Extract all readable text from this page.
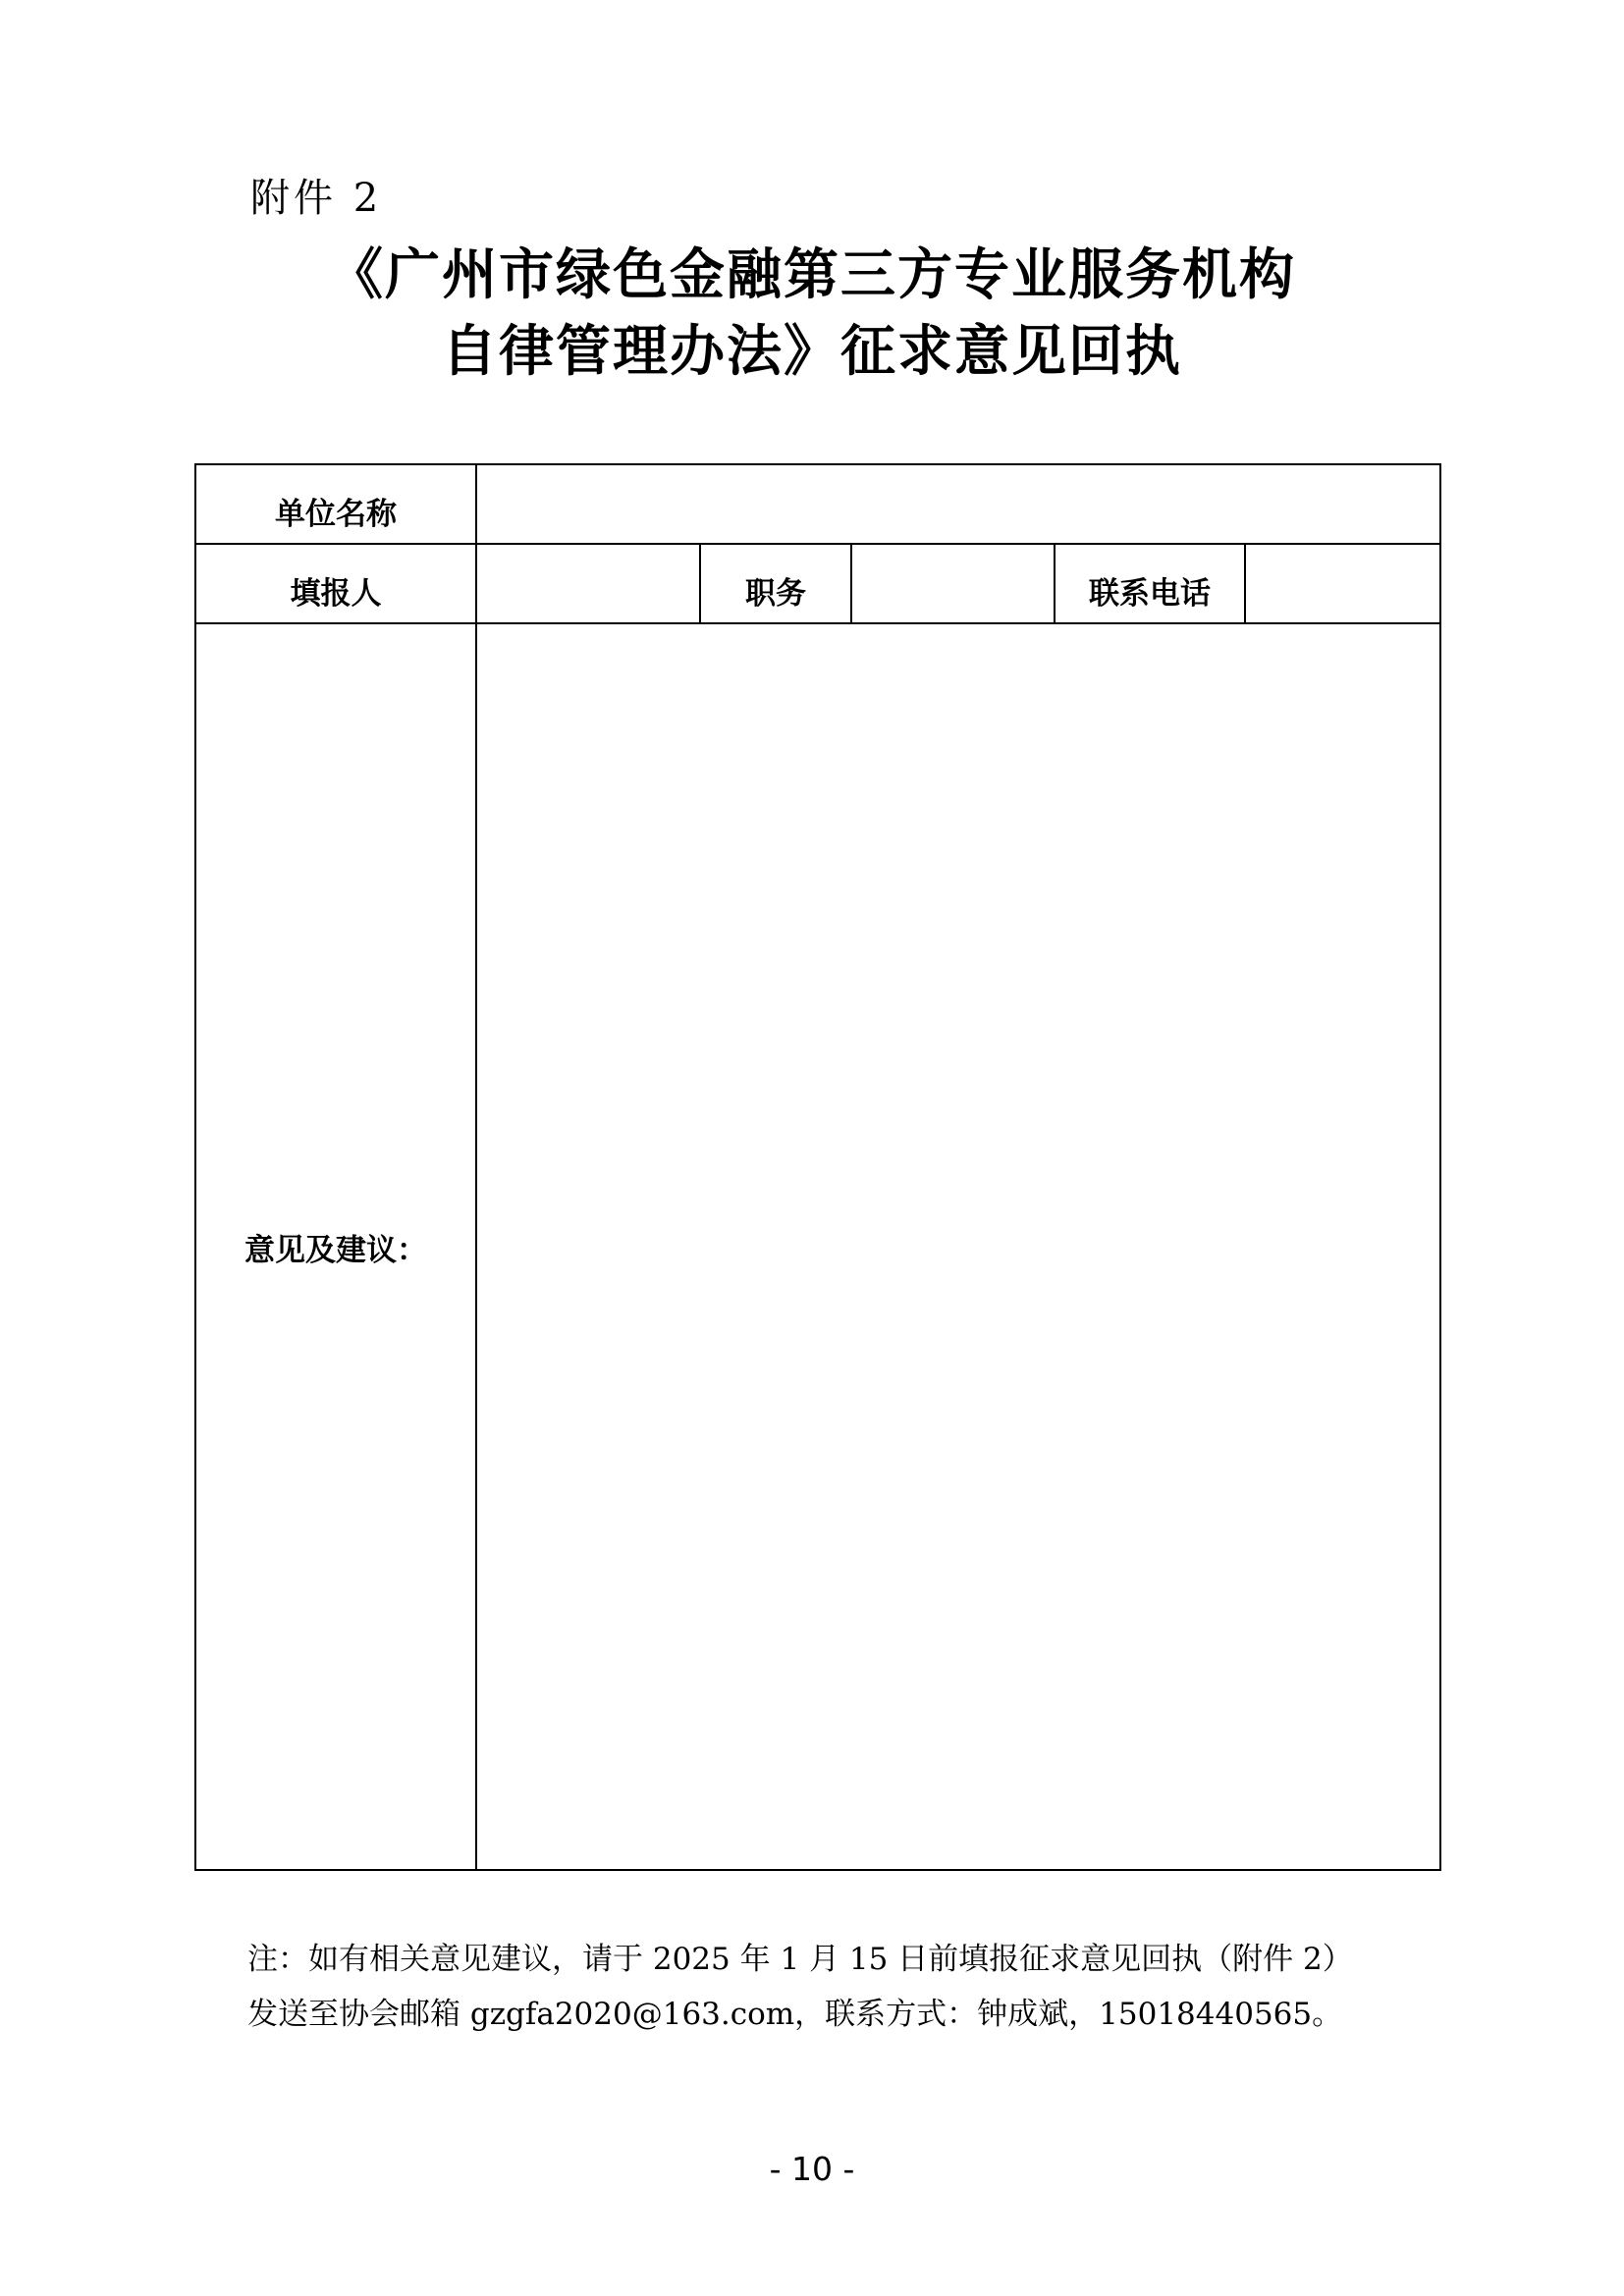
附件 2
《广州市绿色金融第三方专业服务机构
自律管理办法》征求意见回执
单位名称					
填报人		职务		联系电话	
意见及建议：					
注：如有相关意见建议，请于 2025 年 1 月 15 日前填报征求意见回执（附件 2）
发送至协会邮箱 gzgfa2020@163.com，联系方式：钟成斌，15018440565。
- 10 -
